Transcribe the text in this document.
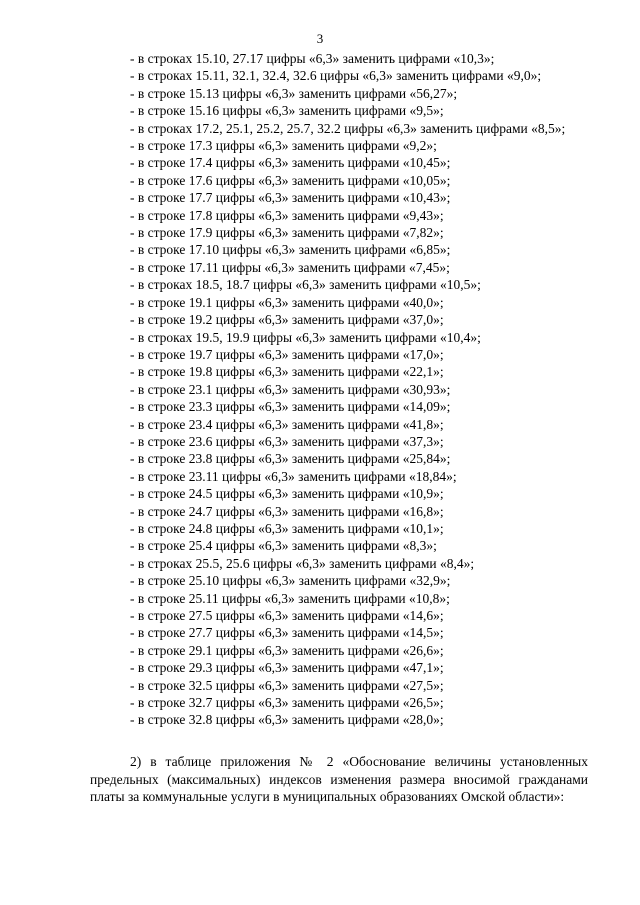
3
- в строках 15.10, 27.17 цифры «6,3» заменить цифрами «10,3»;
- в строках 15.11, 32.1, 32.4, 32.6 цифры «6,3» заменить цифрами «9,0»;
- в строке 15.13 цифры «6,3» заменить цифрами «56,27»;
- в строке 15.16 цифры «6,3» заменить цифрами «9,5»;
- в строках 17.2, 25.1, 25.2, 25.7, 32.2 цифры «6,3» заменить цифрами «8,5»;
- в строке 17.3 цифры «6,3» заменить цифрами «9,2»;
- в строке 17.4 цифры «6,3» заменить цифрами «10,45»;
- в строке 17.6 цифры «6,3» заменить цифрами «10,05»;
- в строке 17.7 цифры «6,3» заменить цифрами «10,43»;
- в строке 17.8 цифры «6,3» заменить цифрами «9,43»;
- в строке 17.9 цифры «6,3» заменить цифрами «7,82»;
- в строке 17.10 цифры «6,3» заменить цифрами «6,85»;
- в строке 17.11 цифры «6,3» заменить цифрами «7,45»;
- в строках 18.5, 18.7 цифры «6,3» заменить цифрами «10,5»;
- в строке 19.1 цифры «6,3» заменить цифрами «40,0»;
- в строке 19.2 цифры «6,3» заменить цифрами «37,0»;
- в строках 19.5, 19.9 цифры «6,3» заменить цифрами «10,4»;
- в строке 19.7 цифры «6,3» заменить цифрами «17,0»;
- в строке 19.8 цифры «6,3» заменить цифрами «22,1»;
- в строке 23.1 цифры «6,3» заменить цифрами «30,93»;
- в строке 23.3 цифры «6,3» заменить цифрами «14,09»;
- в строке 23.4 цифры «6,3» заменить цифрами «41,8»;
- в строке 23.6 цифры «6,3» заменить цифрами «37,3»;
- в строке 23.8 цифры «6,3» заменить цифрами «25,84»;
- в строке 23.11 цифры «6,3» заменить цифрами «18,84»;
- в строке 24.5 цифры «6,3» заменить цифрами «10,9»;
- в строке 24.7 цифры «6,3» заменить цифрами «16,8»;
- в строке 24.8 цифры «6,3» заменить цифрами «10,1»;
- в строке 25.4 цифры «6,3» заменить цифрами «8,3»;
- в строках 25.5, 25.6 цифры «6,3» заменить цифрами «8,4»;
- в строке 25.10 цифры «6,3» заменить цифрами «32,9»;
- в строке 25.11 цифры «6,3» заменить цифрами «10,8»;
- в строке 27.5 цифры «6,3» заменить цифрами «14,6»;
- в строке 27.7 цифры «6,3» заменить цифрами «14,5»;
- в строке 29.1 цифры «6,3» заменить цифрами «26,6»;
- в строке 29.3 цифры «6,3» заменить цифрами «47,1»;
- в строке 32.5 цифры «6,3» заменить цифрами «27,5»;
- в строке 32.7 цифры «6,3» заменить цифрами «26,5»;
- в строке 32.8 цифры «6,3» заменить цифрами «28,0»;
2) в таблице приложения № 2 «Обоснование величины установленных предельных (максимальных) индексов изменения размера вносимой гражданами платы за коммунальные услуги в муниципальных образованиях Омской области»:
